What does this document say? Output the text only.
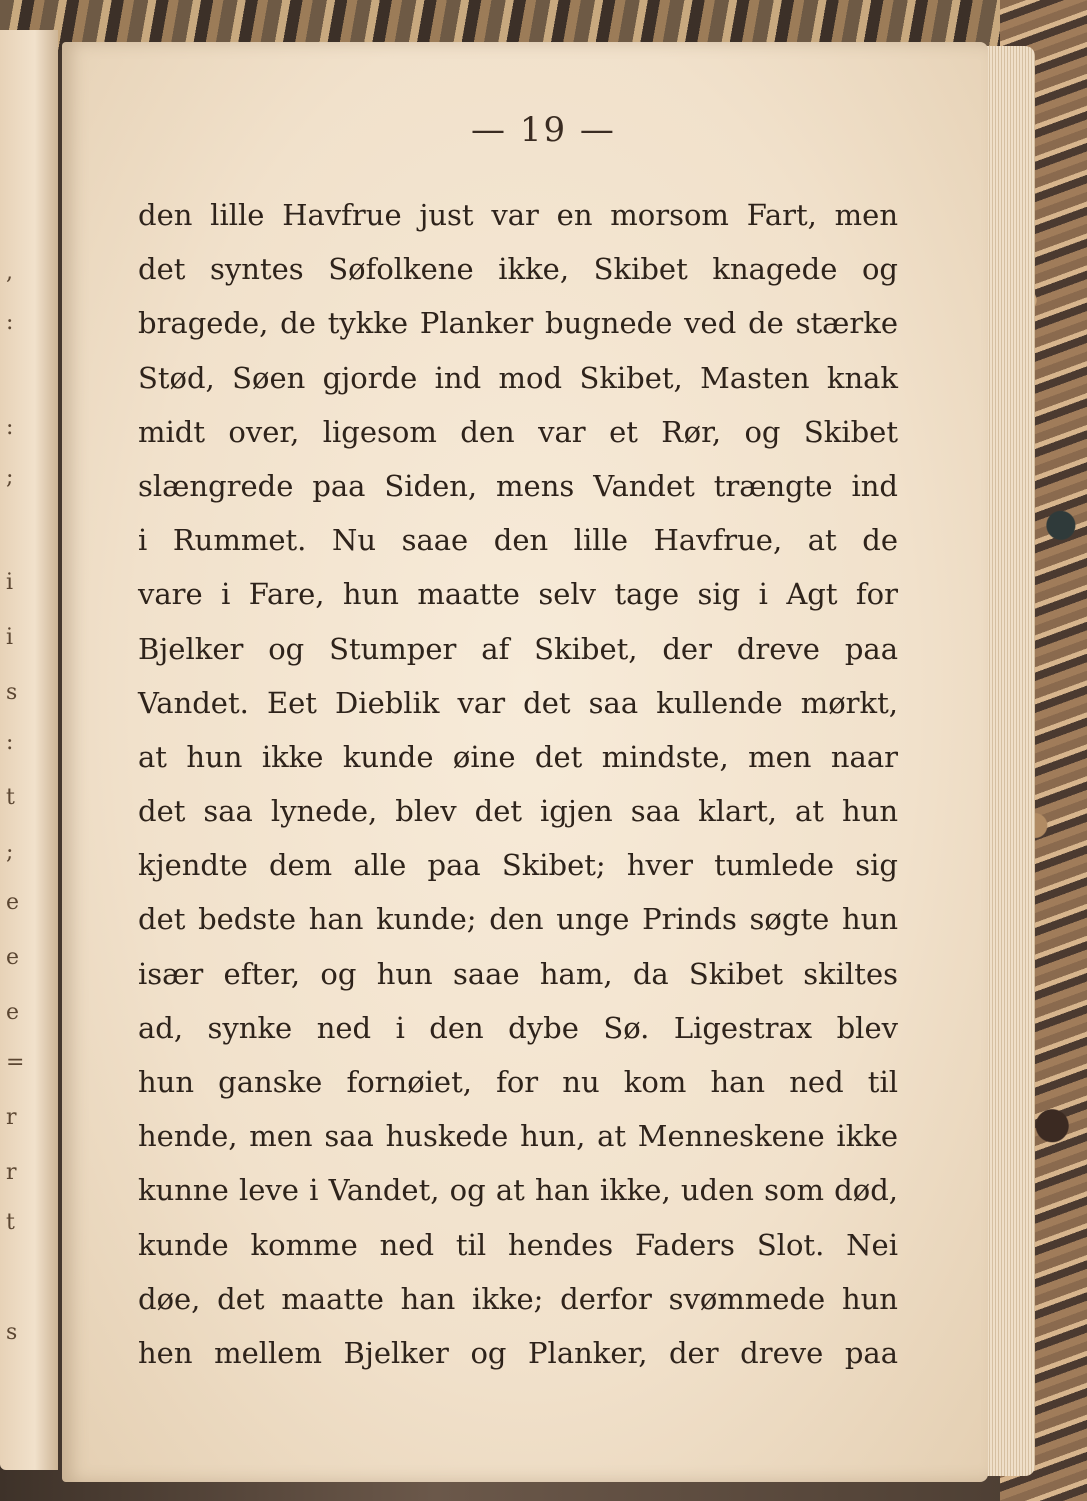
,
:
:
;
i
i
s
:
t
;
e
e
e
=
r
r
t
s
— 19 —
den lille Havfrue just var en morsom Fart, men
det syntes Søfolkene ikke, Skibet knagede og
bragede, de tykke Planker bugnede ved de stærke
Stød, Søen gjorde ind mod Skibet, Masten knak
midt over, ligesom den var et Rør, og Skibet
slængrede paa Siden, mens Vandet trængte ind
i Rummet. Nu saae den lille Havfrue, at de
vare i Fare, hun maatte selv tage sig i Agt for
Bjelker og Stumper af Skibet, der dreve paa
Vandet. Eet Dieblik var det saa kullende mørkt,
at hun ikke kunde øine det mindste, men naar
det saa lynede, blev det igjen saa klart, at hun
kjendte dem alle paa Skibet; hver tumlede sig
det bedste han kunde; den unge Prinds søgte hun
især efter, og hun saae ham, da Skibet skiltes
ad, synke ned i den dybe Sø. Ligestrax blev
hun ganske fornøiet, for nu kom han ned til
hende, men saa huskede hun, at Menneskene ikke
kunne leve i Vandet, og at han ikke, uden som død,
kunde komme ned til hendes Faders Slot. Nei
døe, det maatte han ikke; derfor svømmede hun
hen mellem Bjelker og Planker, der dreve paa
